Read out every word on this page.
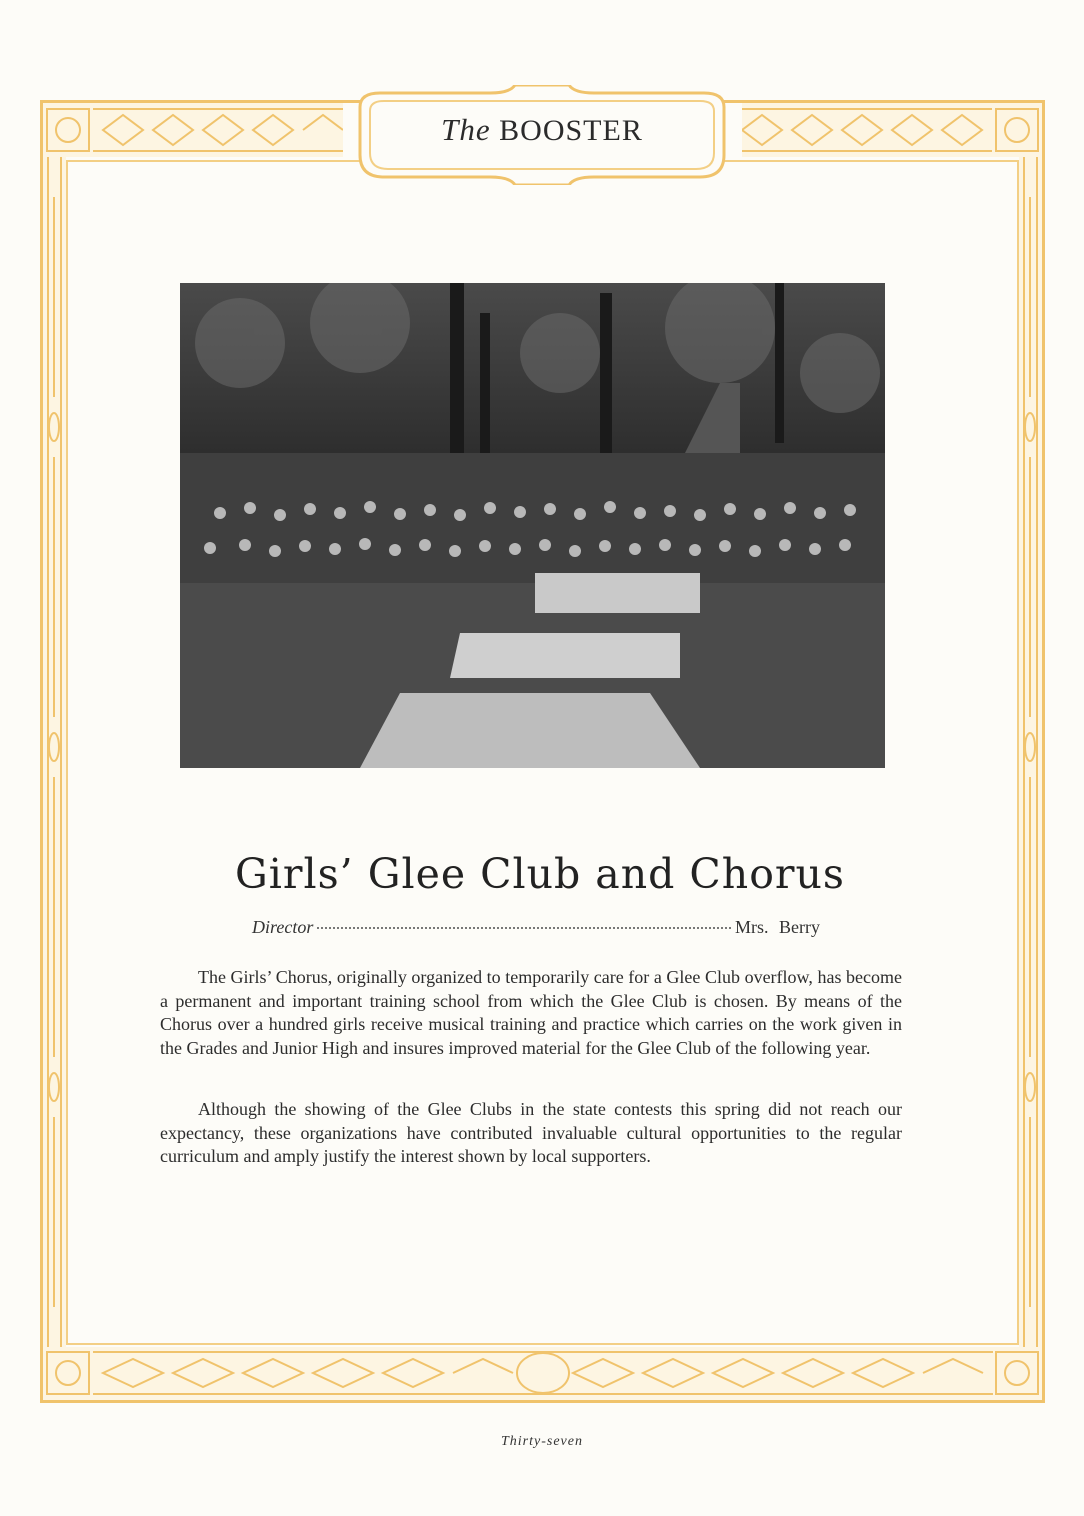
The BOOSTER
Girls’ Glee Club and Chorus
Director	Mrs. Berry

The Girls’ Chorus, originally organized to temporarily care for a Glee Club overflow, has become a permanent and important training school from which the Glee Club is chosen. By means of the Chorus over a hundred girls receive musical training and practice which carries on the work given in the Grades and Junior High and insures improved material for the Glee Club of the following year.

Although the showing of the Glee Clubs in the state contests this spring did not reach our expectancy, these organizations have contributed invaluable cultural opportunities to the regular curriculum and amply justify the interest shown by local supporters.

Thirty-seven
